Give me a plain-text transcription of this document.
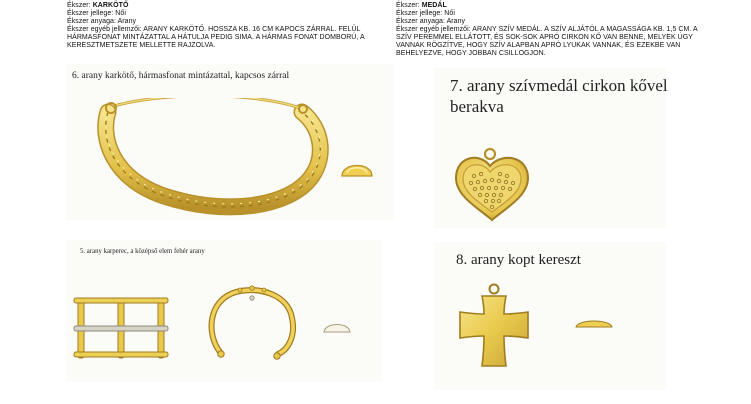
Ékszer: KARKÖTŐ
Ékszer jellege: Női
Ékszer anyaga: Arany
Ékszer egyéb jellemzői: ARANY KARKÖTŐ. HOSSZA KB. 16 CM KAPOCS ZÁRRAL. FELÜL
HÁRMASFONAT MINTÁZATTAL A HÁTULJA PEDIG SIMA. A HÁRMAS FONAT DOMBORÚ, A
KERESZTMETSZETE MELLETTE RAJZOLVA.
Ékszer: MEDÁL
Ékszer jellege: Női
Ékszer anyaga: Arany
Ékszer egyéb jellemzői: ARANY SZÍV MEDÁL. A SZÍV ALJÁTÓL A MAGASSÁGA KB. 1,5 CM. A
SZÍV PEREMMEL ELLÁTOTT, ÉS SOK-SOK APRÓ CIRKON KŐ VAN BENNE, MELYEK ÚGY
VANNAK RÖGZÍTVE, HOGY SZÍV ALAPBAN APRÓ LYUKAK VANNAK, ÉS EZEKBE VAN
BEHELYEZVE, HOGY JOBBAN CSILLOGJON.
6. arany karkötő, hármasfonat mintázattal, kapcsos zárral	7. arany szívmedál cirkon kővel
berakva
5. arany karperec, a középső elem fehér arany
8. arany kopt kereszt
